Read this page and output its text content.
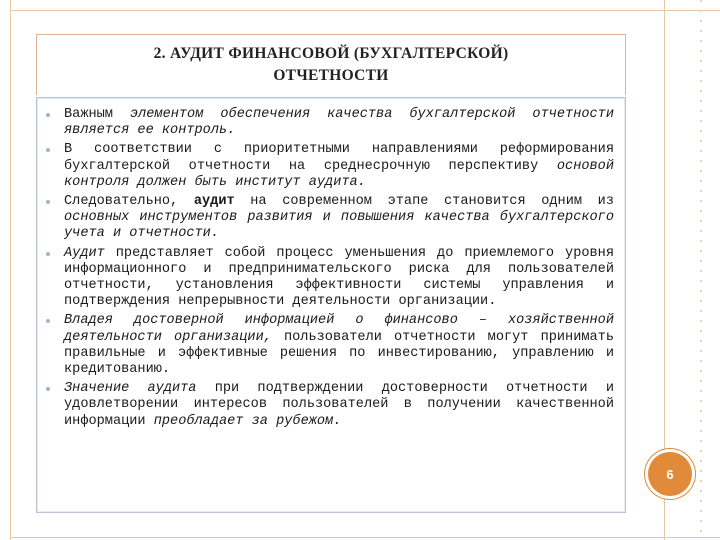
2. АУДИТ ФИНАНСОВОЙ (БУХГАЛТЕРСКОЙ)
ОТЧЕТНОСТИ
Важным элементом обеспечения качества бухгалтерской отчетности является ее контроль.
В соответствии с приоритетными направлениями реформирования бухгалтерской отчетности на среднесрочную перспективу основой контроля должен быть институт аудита.
Следовательно, аудит на современном этапе становится одним из основных инструментов развития и повышения качества бухгалтерского учета и отчетности.
Аудит представляет собой процесс уменьшения до приемлемого уровня информационного и предпринимательского риска для пользователей отчетности, установления эффективности системы управления и подтверждения непрерывности деятельности организации.
Владея достоверной информацией о финансово – хозяйственной деятельности организации, пользователи отчетности могут принимать правильные и эффективные решения по инвестированию, управлению и кредитованию.
Значение аудита при подтверждении достоверности отчетности и удовлетворении интересов пользователей в получении качественной информации преобладает за рубежом.
6
